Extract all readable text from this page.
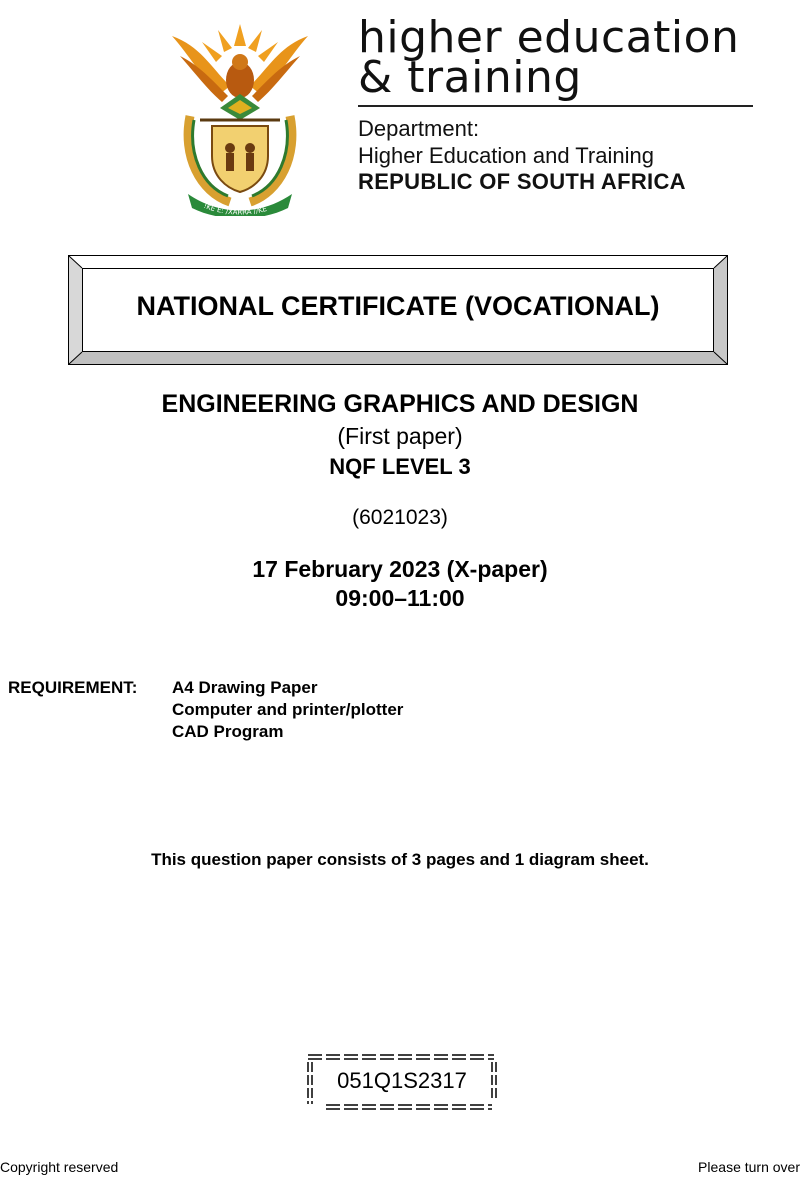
!KE E: /XARRA //KE
higher education
& training
Department:
Higher Education and Training
REPUBLIC OF SOUTH AFRICA
NATIONAL CERTIFICATE (VOCATIONAL)
ENGINEERING GRAPHICS AND DESIGN
(First paper)
NQF LEVEL 3
(6021023)
17 February 2023 (X-paper)
09:00–11:00
REQUIREMENT: A4 Drawing Paper
Computer and printer/plotter
CAD Program
This question paper consists of 3 pages and 1 diagram sheet.
051Q1S2317
Copyright reserved	Please turn over
